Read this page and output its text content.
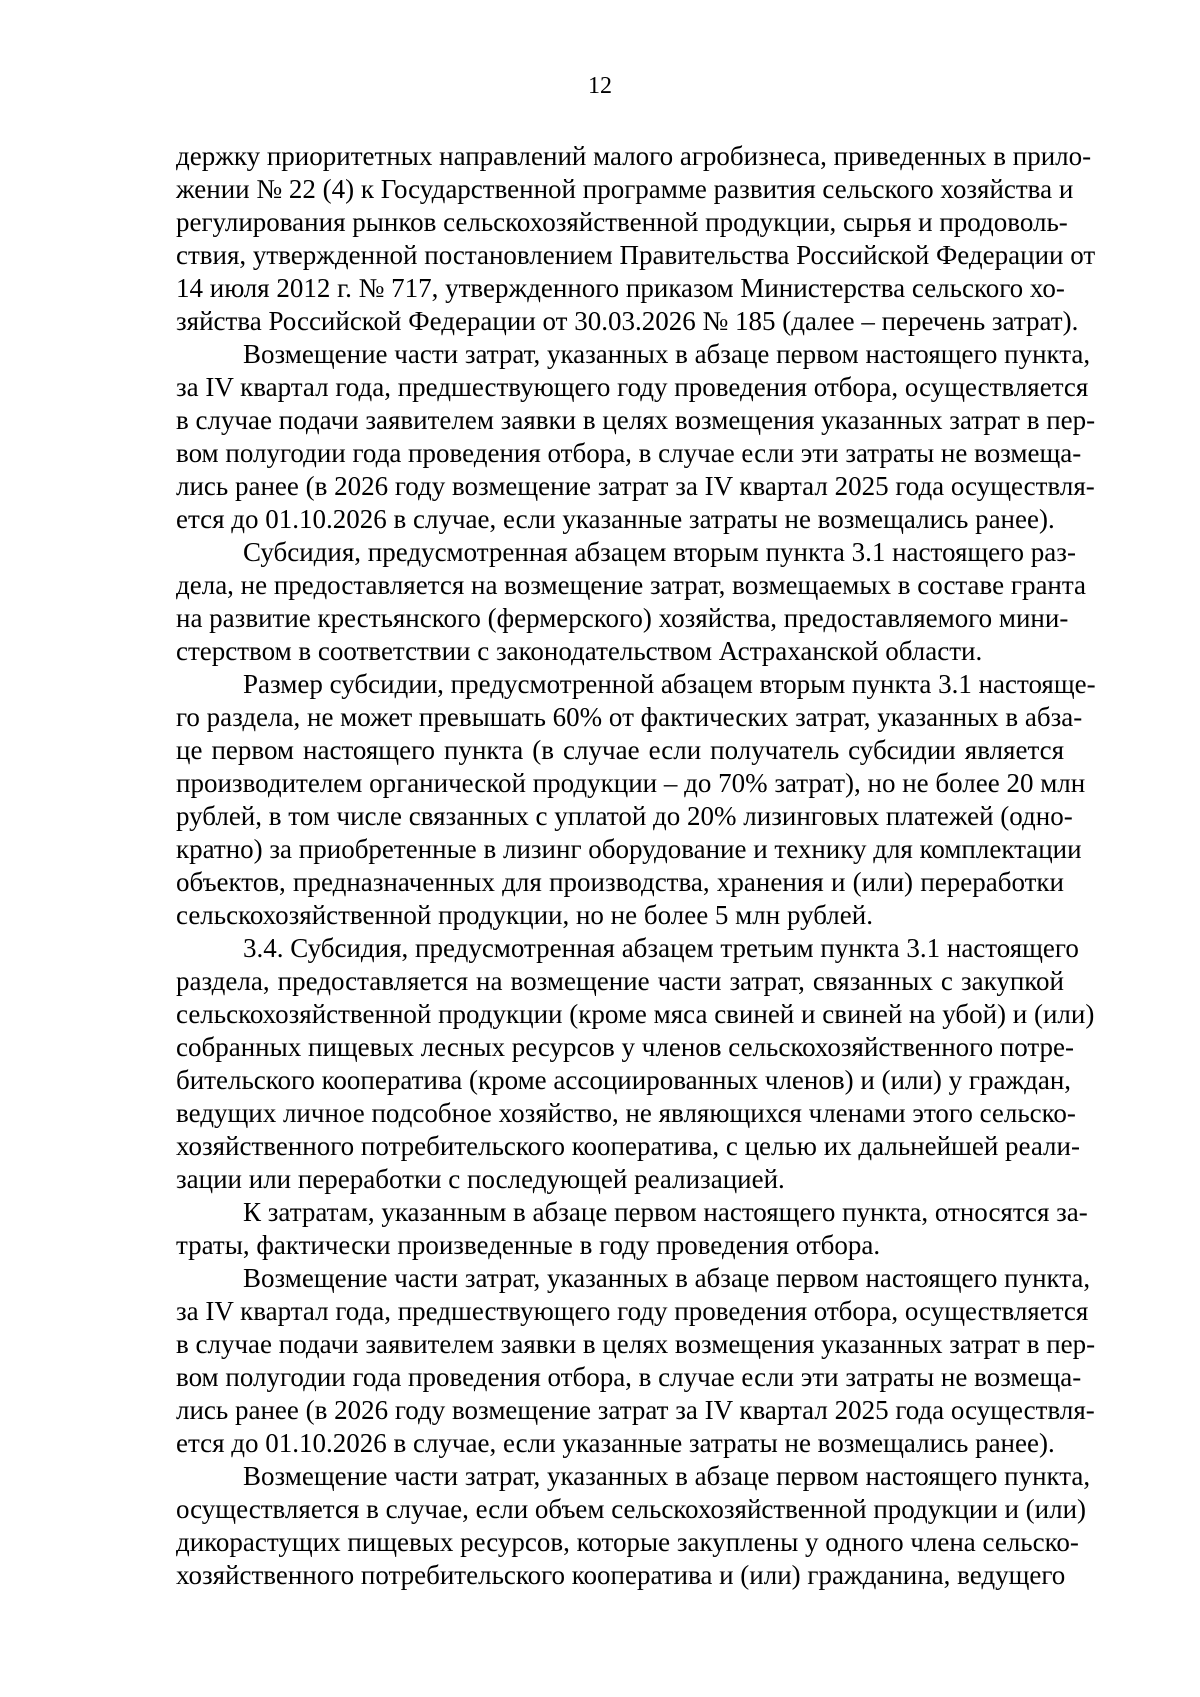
12

держку приоритетных направлений малого агробизнеса, приведенных в прило-
жении № 22 (4) к Государственной программе развития сельского хозяйства и
регулирования рынков сельскохозяйственной продукции, сырья и продоволь-
ствия, утвержденной постановлением Правительства Российской Федерации от
14 июля 2012 г. № 717, утвержденного приказом Министерства сельского хо-
зяйства Российской Федерации от 30.03.2026 № 185 (далее – перечень затрат).

Возмещение части затрат, указанных в абзаце первом настоящего пункта,
за IV квартал года, предшествующего году проведения отбора, осуществляется
в случае подачи заявителем заявки в целях возмещения указанных затрат в пер-
вом полугодии года проведения отбора, в случае если эти затраты не возмеща-
лись ранее (в 2026 году возмещение затрат за IV квартал 2025 года осуществля-
ется до 01.10.2026 в случае, если указанные затраты не возмещались ранее).

Субсидия, предусмотренная абзацем вторым пункта 3.1 настоящего раз-
дела, не предоставляется на возмещение затрат, возмещаемых в составе гранта
на развитие крестьянского (фермерского) хозяйства, предоставляемого мини-
стерством в соответствии с законодательством Астраханской области.

Размер субсидии, предусмотренной абзацем вторым пункта 3.1 настояще-
го раздела, не может превышать 60% от фактических затрат, указанных в абза-
це первом настоящего пункта (в случае если получатель субсидии является
производителем органической продукции – до 70% затрат), но не более 20 млн
рублей, в том числе связанных с уплатой до 20% лизинговых платежей (одно-
кратно) за приобретенные в лизинг оборудование и технику для комплектации
объектов, предназначенных для производства, хранения и (или) переработки
сельскохозяйственной продукции, но не более 5 млн рублей.

3.4. Субсидия, предусмотренная абзацем третьим пункта 3.1 настоящего
раздела, предоставляется на возмещение части затрат, связанных с закупкой
сельскохозяйственной продукции (кроме мяса свиней и свиней на убой) и (или)
собранных пищевых лесных ресурсов у членов сельскохозяйственного потре-
бительского кооператива (кроме ассоциированных членов) и (или) у граждан,
ведущих личное подсобное хозяйство, не являющихся членами этого сельско-
хозяйственного потребительского кооператива, с целью их дальнейшей реали-
зации или переработки с последующей реализацией.

К затратам, указанным в абзаце первом настоящего пункта, относятся за-
траты, фактически произведенные в году проведения отбора.

Возмещение части затрат, указанных в абзаце первом настоящего пункта,
за IV квартал года, предшествующего году проведения отбора, осуществляется
в случае подачи заявителем заявки в целях возмещения указанных затрат в пер-
вом полугодии года проведения отбора, в случае если эти затраты не возмеща-
лись ранее (в 2026 году возмещение затрат за IV квартал 2025 года осуществля-
ется до 01.10.2026 в случае, если указанные затраты не возмещались ранее).

Возмещение части затрат, указанных в абзаце первом настоящего пункта,
осуществляется в случае, если объем сельскохозяйственной продукции и (или)
дикорастущих пищевых ресурсов, которые закуплены у одного члена сельско-
хозяйственного потребительского кооператива и (или) гражданина, ведущего
